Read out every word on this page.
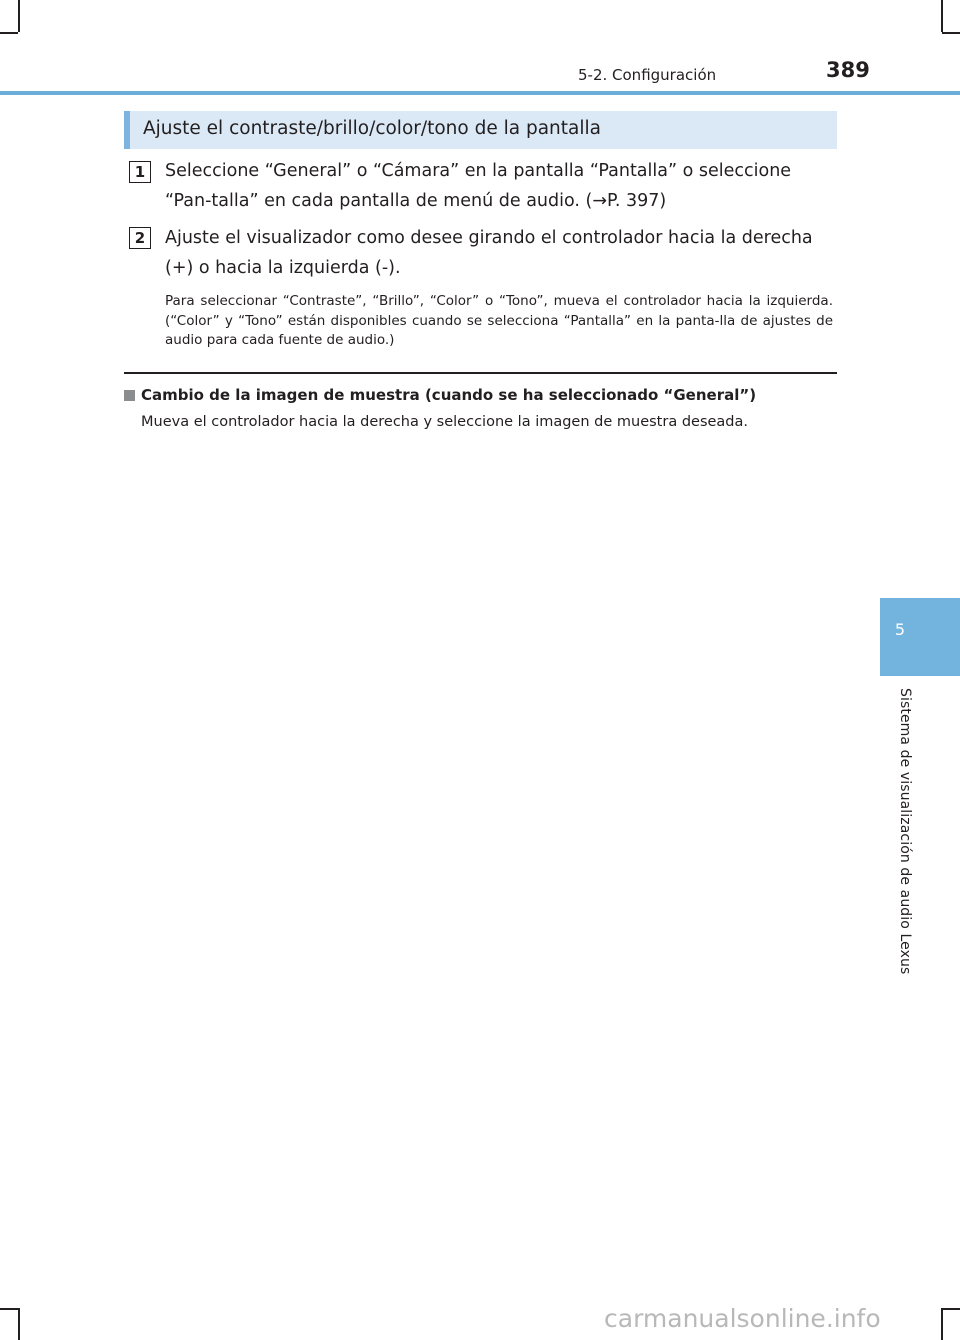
5-2. Configuración	389
5
Sistema de visualización de audio Lexus
Ajuste el contraste/brillo/color/tono de la pantalla
1	Seleccione “General” o “Cámara” en la pantalla “Pantalla” o seleccione “Pan-talla” en cada pantalla de menú de audio. (→P. 397)
2	Ajuste el visualizador como desee girando el controlador hacia la derecha (+) o hacia la izquierda (-).
Para seleccionar “Contraste”, “Brillo”, “Color” o “Tono”, mueva el controlador hacia la izquierda. (“Color” y “Tono” están disponibles cuando se selecciona “Pantalla” en la panta-lla de ajustes de audio para cada fuente de audio.)
Cambio de la imagen de muestra (cuando se ha seleccionado “General”)
Mueva el controlador hacia la derecha y seleccione la imagen de muestra deseada.
carmanualsonline.info
